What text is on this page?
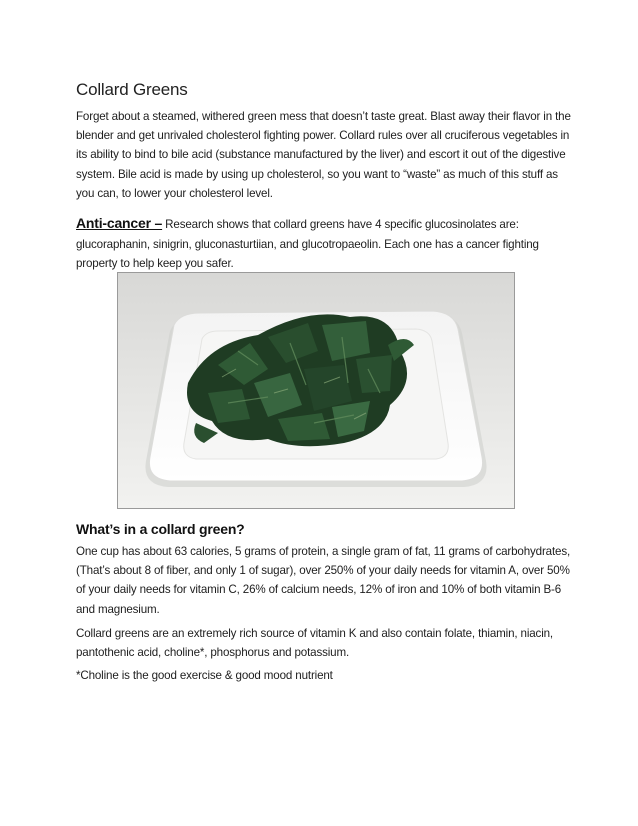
Collard Greens
Forget about a steamed, withered green mess that doesn’t taste great. Blast away their flavor in the blender and get unrivaled cholesterol fighting power. Collard rules over all cruciferous vegetables in its ability to bind to bile acid (substance manufactured by the liver) and escort it out of the digestive system. Bile acid is made by using up cholesterol, so you want to “waste” as much of this stuff as you can, to lower your cholesterol level.
Anti-cancer – Research shows that collard greens have 4 specific glucosinolates are: glucoraphanin, sinigrin, gluconasturtiian, and glucotropaeolin. Each one has a cancer fighting property to help keep you safer.
What’s in a collard green?
One cup has about 63 calories, 5 grams of protein, a single gram of fat, 11 grams of carbohydrates, (That’s about 8 of fiber, and only 1 of sugar), over 250% of your daily needs for vitamin A, over 50% of your daily needs for vitamin C, 26% of calcium needs, 12% of iron and 10% of both vitamin B-6 and magnesium.
Collard greens are an extremely rich source of vitamin K and also contain folate, thiamin, niacin, pantothenic acid, choline*, phosphorus and potassium.
*Choline is the good exercise & good mood nutrient
